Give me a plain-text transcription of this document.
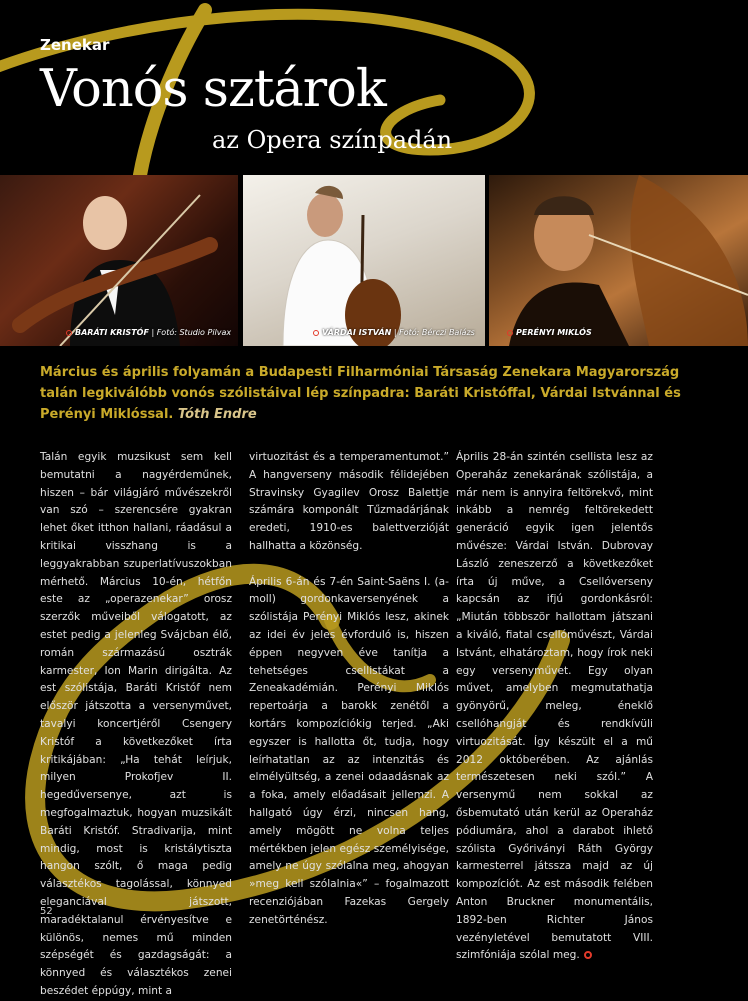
Zenekar
Vonós sztárok
az Opera színpadán
BARÁTI KRISTÓF | Fotó: Studio Pilvax	VÁRDAI ISTVÁN | Fotó: Bérczi Balázs	PERÉNYI MIKLÓS
Március és április folyamán a Budapesti Filharmóniai Társaság Zenekara Magyarország talán legkiválóbb vonós szólistáival lép színpadra: Baráti Kristóffal, Várdai Istvánnal és Perényi Miklóssal. Tóth Endre

Talán egyik muzsikust sem kell bemutatni a nagyérdeműnek, hiszen – bár világjáró művészekről van szó – szerencsére gyakran lehet őket itthon hallani, ráadásul a kritikai visszhang is a leggyakrabban szuperlatívuszokban mérhető. Március 10-én, hétfőn este az „operazenekar” orosz szerzők műveiből válogatott, az estet pedig a jelenleg Svájcban élő, román származású osztrák karmester, Ion Marin dirigálta. Az est szólistája, Baráti Kristóf nem először játszotta a versenyművet, tavalyi koncertjéről Csengery Kristóf a következőket írta kritikájában: „Ha tehát leírjuk, milyen Prokofjev II. hegedűversenye, azt is megfogalmaztuk, hogyan muzsikált Baráti Kristóf. Stradivarija, mint mindig, most is kristálytiszta hangon szólt, ő maga pedig választékos tagolással, könnyed eleganciával játszott, maradéktalanul érvényesítve e különös, nemes mű minden szépségét és gazdagságát: a könnyed és választékos zenei beszédet éppúgy, mint a

virtuozitást és a temperamentumot.” A hangverseny második félidejében Stravinsky Gyagilev Orosz Balettje számára komponált Tűzmadárjának eredeti, 1910-es balettverzióját hallhatta a közönség.

Április 6-án és 7-én Saint-Saëns I. (a-moll) gordonkaversenyének a szólistája Perényi Miklós lesz, akinek az idei év jeles évforduló is, hiszen éppen negyven éve tanítja a tehetséges csellistákat a Zeneakadémián. Perényi Miklós repertoárja a barokk zenétől a kortárs kompozíciókig terjed. „Aki egyszer is hallotta őt, tudja, hogy leírhatatlan az az intenzitás és elmélyültség, a zenei odaadásnak az a foka, amely előadásait jellemzi. A hallgató úgy érzi, nincsen hang, amely mögött ne volna teljes mértékben jelen egész személyisége, amely ne úgy szólalna meg, ahogyan »meg kell szólalnia«” – fogalmazott recenziójában Fazekas Gergely zenetörténész.

Április 28-án szintén csellista lesz az Operaház zenekarának szólistája, a már nem is annyira feltörekvő, mint inkább a nemrég feltörekedett generáció egyik igen jelentős művésze: Várdai István. Dubrovay László zeneszerző a következőket írta új műve, a Csellóverseny kapcsán az ifjú gordonkásról: „Miután többször hallottam játszani a kiváló, fiatal csellóművészt, Várdai Istvánt, elhatároztam, hogy írok neki egy versenyművet. Egy olyan művet, amelyben megmutathatja gyönyörű, meleg, éneklő csellóhangját és rendkívüli virtuozitását. Így készült el a mű 2012 októberében. Az ajánlás természetesen neki szól.” A versenymű nem sokkal az ősbemutató után kerül az Operaház pódiumára, ahol a darabot ihlető szólista Győriványi Ráth György karmesterrel játssza majd az új kompozíciót. Az est második felében Anton Bruckner monumentális, 1892-ben Richter János vezényletével bemutatott VIII. szimfóniája szólal meg.

52
